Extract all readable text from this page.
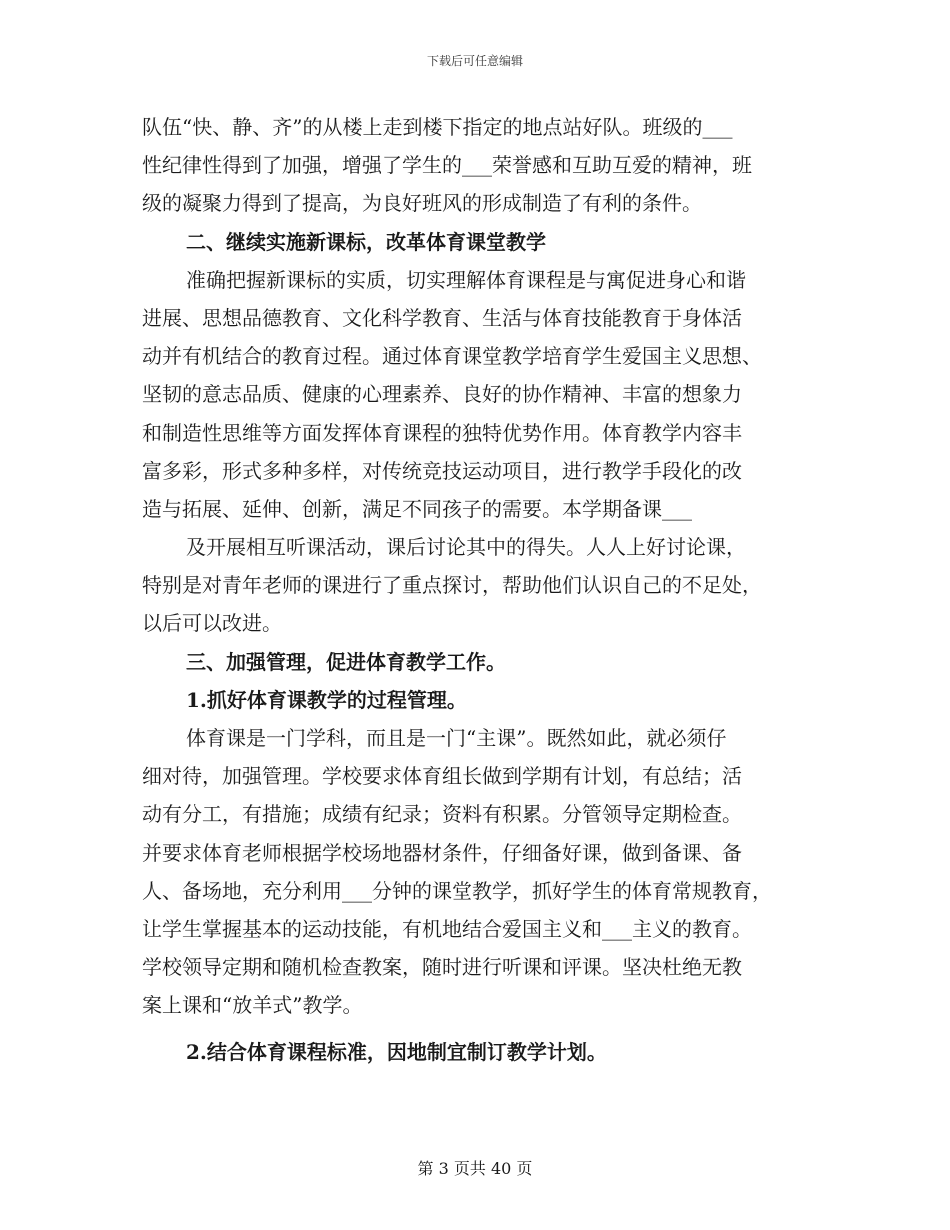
下载后可任意编辑
队伍“快、静、齐”的从楼上走到楼下指定的地点站好队。班级的___
性纪律性得到了加强，增强了学生的___荣誉感和互助互爱的精神，班
级的凝聚力得到了提高，为良好班风的形成制造了有利的条件。
二、继续实施新课标，改革体育课堂教学
准确把握新课标的实质，切实理解体育课程是与寓促进身心和谐
进展、思想品德教育、文化科学教育、生活与体育技能教育于身体活
动并有机结合的教育过程。通过体育课堂教学培育学生爱国主义思想、
坚韧的意志品质、健康的心理素养、良好的协作精神、丰富的想象力
和制造性思维等方面发挥体育课程的独特优势作用。体育教学内容丰
富多彩，形式多种多样，对传统竞技运动项目，进行教学手段化的改
造与拓展、延伸、创新，满足不同孩子的需要。本学期备课___
及开展相互听课活动，课后讨论其中的得失。人人上好讨论课，
特别是对青年老师的课进行了重点探讨，帮助他们认识自己的不足处，
以后可以改进。
三、加强管理，促进体育教学工作。
1.抓好体育课教学的过程管理。
体育课是一门学科，而且是一门“主课”。既然如此，就必须仔
细对待，加强管理。学校要求体育组长做到学期有计划，有总结；活
动有分工，有措施；成绩有纪录；资料有积累。分管领导定期检查。
并要求体育老师根据学校场地器材条件，仔细备好课，做到备课、备
人、备场地，充分利用___分钟的课堂教学，抓好学生的体育常规教育，
让学生掌握基本的运动技能，有机地结合爱国主义和___主义的教育。
学校领导定期和随机检查教案，随时进行听课和评课。坚决杜绝无教
案上课和“放羊式”教学。
2.结合体育课程标准，因地制宜制订教学计划。
第 3 页共 40 页
